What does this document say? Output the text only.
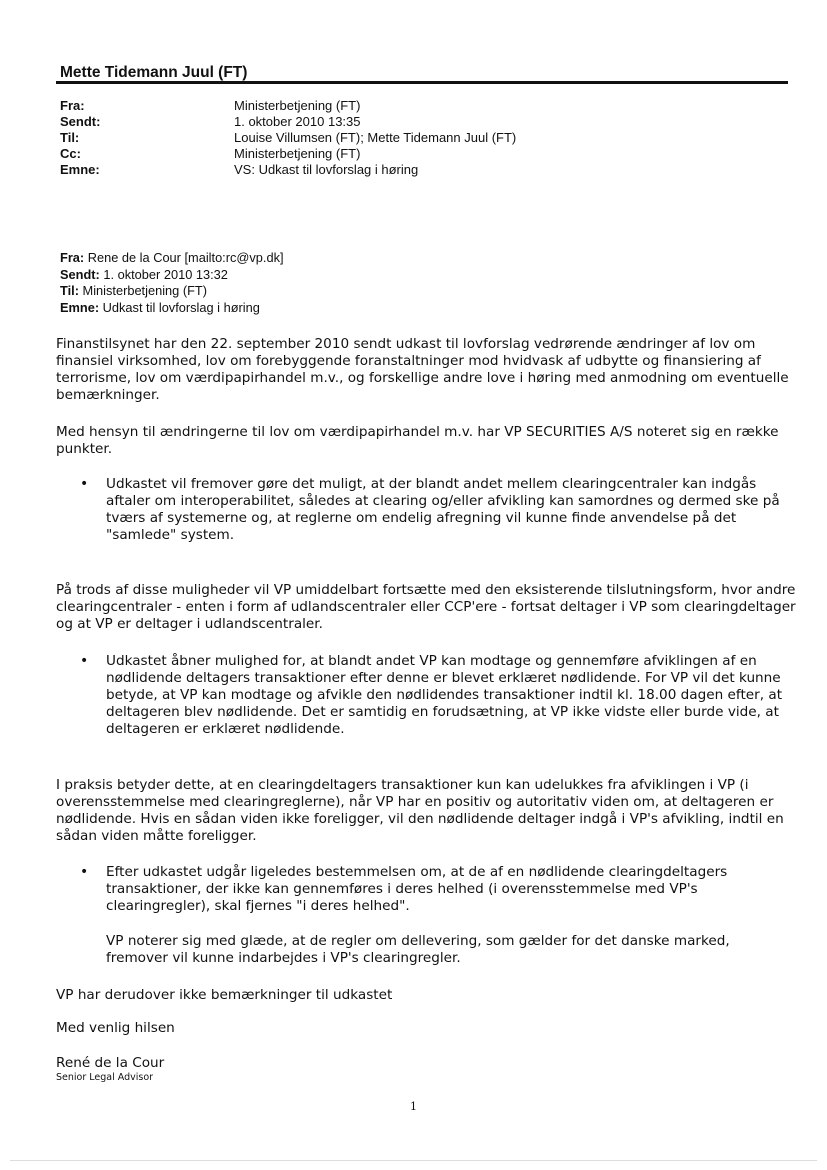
Mette Tidemann Juul (FT)
Fra:	Ministerbetjening (FT)
Sendt:	1. oktober 2010 13:35
Til:	Louise Villumsen (FT); Mette Tidemann Juul (FT)
Cc:	Ministerbetjening (FT)
Emne:	VS: Udkast til lovforslag i høring
Fra: Rene de la Cour [mailto:rc@vp.dk]
Sendt: 1. oktober 2010 13:32
Til: Ministerbetjening (FT)
Emne: Udkast til lovforslag i høring

Finanstilsynet har den 22. september 2010 sendt udkast til lovforslag vedrørende ændringer af lov om finansiel virksomhed, lov om forebyggende foranstaltninger mod hvidvask af udbytte og finansiering af terrorisme, lov om værdipapirhandel m.v., og forskellige andre love i høring med anmodning om eventuelle bemærkninger.

Med hensyn til ændringerne til lov om værdipapirhandel m.v. har VP SECURITIES A/S noteret sig en række punkter.

• Udkastet vil fremover gøre det muligt, at der blandt andet mellem clearingcentraler kan indgås aftaler om interoperabilitet, således at clearing og/eller afvikling kan samordnes og dermed ske på tværs af systemerne og, at reglerne om endelig afregning vil kunne finde anvendelse på det "samlede" system.

På trods af disse muligheder vil VP umiddelbart fortsætte med den eksisterende tilslutningsform, hvor andre clearingcentraler - enten i form af udlandscentraler eller CCP'ere - fortsat deltager i VP som clearingdeltager og at VP er deltager i udlandscentraler.

• Udkastet åbner mulighed for, at blandt andet VP kan modtage og gennemføre afviklingen af en nødlidende deltagers transaktioner efter denne er blevet erklæret nødlidende. For VP vil det kunne betyde, at VP kan modtage og afvikle den nødlidendes transaktioner indtil kl. 18.00 dagen efter, at deltageren blev nødlidende. Det er samtidig en forudsætning, at VP ikke vidste eller burde vide, at deltageren er erklæret nødlidende.

I praksis betyder dette, at en clearingdeltagers transaktioner kun kan udelukkes fra afviklingen i VP (i overensstemmelse med clearingreglerne), når VP har en positiv og autoritativ viden om, at deltageren er nødlidende. Hvis en sådan viden ikke foreligger, vil den nødlidende deltager indgå i VP's afvikling, indtil en sådan viden måtte foreligger.

• Efter udkastet udgår ligeledes bestemmelsen om, at de af en nødlidende clearingdeltagers transaktioner, der ikke kan gennemføres i deres helhed (i overensstemmelse med VP's clearingregler), skal fjernes "i deres helhed".

VP noterer sig med glæde, at de regler om dellevering, som gælder for det danske marked, fremover vil kunne indarbejdes i VP's clearingregler.

VP har derudover ikke bemærkninger til udkastet

Med venlig hilsen

René de la Cour

Senior Legal Advisor
1
